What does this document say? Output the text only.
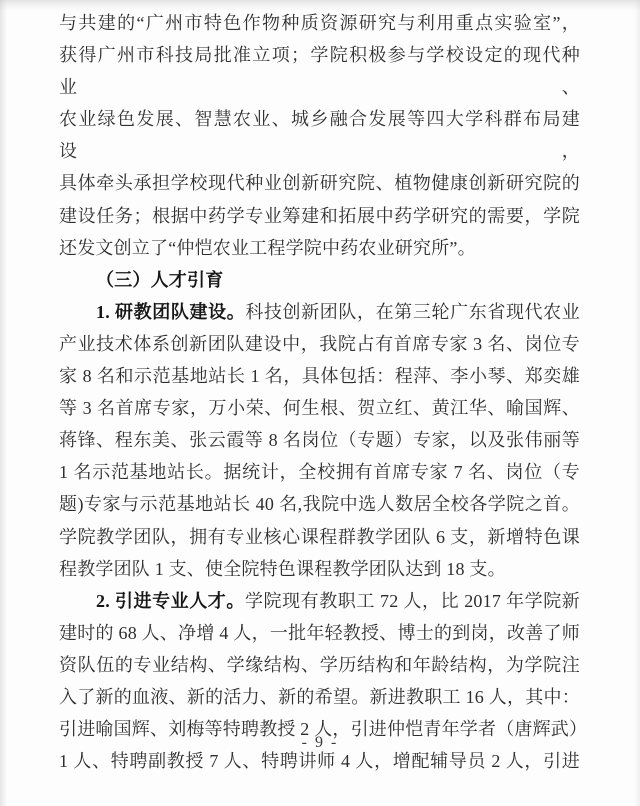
与共建的“广州市特色作物种质资源研究与利用重点实验室”，
获得广州市科技局批准立项；学院积极参与学校设定的现代种业、
农业绿色发展、智慧农业、城乡融合发展等四大学科群布局建设，
具体牵头承担学校现代种业创新研究院、植物健康创新研究院的
建设任务；根据中药学专业筹建和拓展中药学研究的需要，学院
还发文创立了“仲恺农业工程学院中药农业研究所”。
（三）人才引育
1. 研教团队建设。科技创新团队，在第三轮广东省现代农业
产业技术体系创新团队建设中，我院占有首席专家 3 名、岗位专
家 8 名和示范基地站长 1 名，具体包括：程萍、李小琴、郑奕雄
等 3 名首席专家，万小荣、何生根、贺立红、黄江华、喻国辉、
蒋锋、程东美、张云霞等 8 名岗位（专题）专家，以及张伟丽等
1 名示范基地站长。据统计，全校拥有首席专家 7 名、岗位（专
题)专家与示范基地站长 40 名,我院中选人数居全校各学院之首。
学院教学团队，拥有专业核心课程群教学团队 6 支，新增特色课
程教学团队 1 支、使全院特色课程教学团队达到 18 支。
2. 引进专业人才。学院现有教职工 72 人，比 2017 年学院新
建时的 68 人、净增 4 人，一批年轻教授、博士的到岗，改善了师
资队伍的专业结构、学缘结构、学历结构和年龄结构，为学院注
入了新的血液、新的活力、新的希望。新进教职工 16 人，其中：
引进喻国辉、刘梅等特聘教授 2 人，引进仲恺青年学者（唐辉武）
1 人、特聘副教授 7 人、特聘讲师 4 人，增配辅导员 2 人，引进
- 9 -
